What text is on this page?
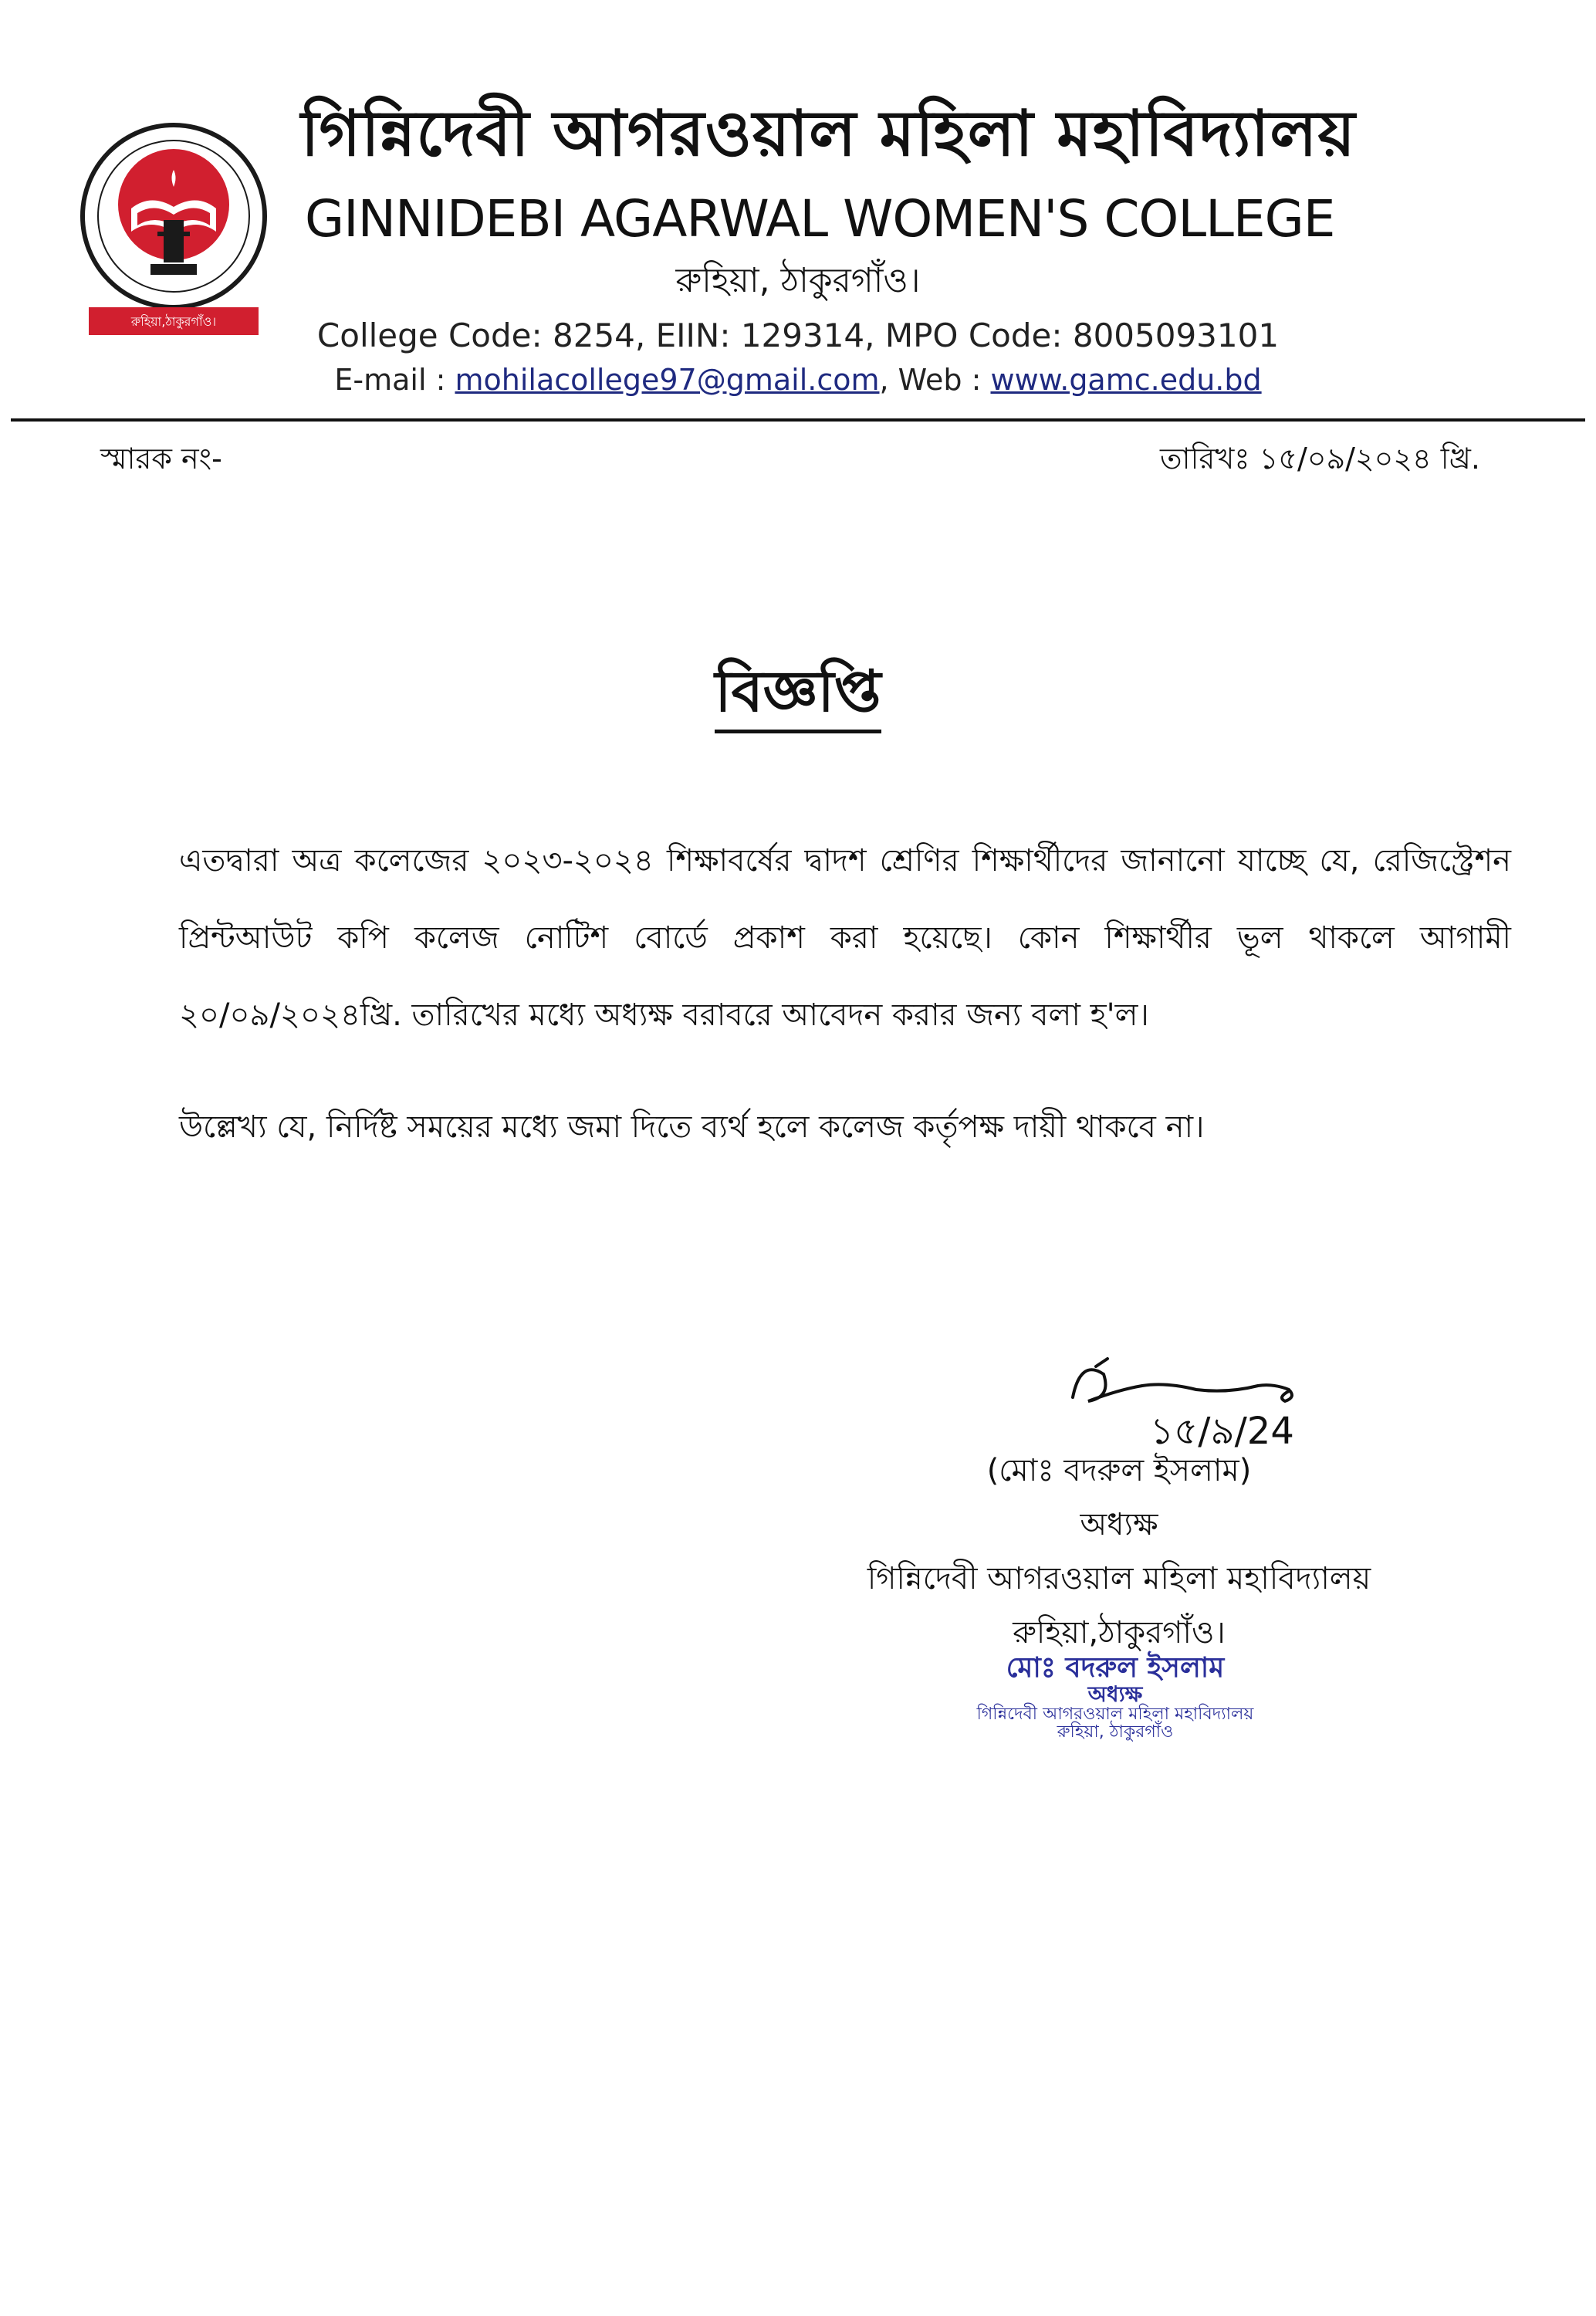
রুহিয়া,ঠাকুরগাঁও।
গিন্নিদেবী আগরওয়াল মহিলা মহাবিদ্যালয়
GINNIDEBI AGARWAL WOMEN'S COLLEGE
রুহিয়া, ঠাকুরগাঁও।
College Code: 8254, EIIN: 129314, MPO Code: 8005093101
E-mail : mohilacollege97@gmail.com, Web : www.gamc.edu.bd
স্মারক নং-	তারিখঃ ১৫/০৯/২০২৪ খ্রি.
বিজ্ঞপ্তি
এতদ্বারা অত্র কলেজের ২০২৩-২০২৪ শিক্ষাবর্ষের দ্বাদশ শ্রেণির শিক্ষার্থীদের জানানো যাচ্ছে যে, রেজিস্ট্রেশন প্রিন্টআউট কপি কলেজ নোটিশ বোর্ডে প্রকাশ করা হয়েছে। কোন শিক্ষার্থীর ভূল থাকলে আগামী ২০/০৯/২০২৪খ্রি. তারিখের মধ্যে অধ্যক্ষ বরাবরে আবেদন করার জন্য বলা হ'ল।
উল্লেখ্য যে, নির্দিষ্ট সময়ের মধ্যে জমা দিতে ব্যর্থ হলে কলেজ কর্তৃপক্ষ দায়ী থাকবে না।
১৫/৯/24
(মোঃ বদরুল ইসলাম)
অধ্যক্ষ
গিন্নিদেবী আগরওয়াল মহিলা মহাবিদ্যালয়
রুহিয়া,ঠাকুরগাঁও।
মোঃ বদরুল ইসলাম
অধ্যক্ষ
গিন্নিদেবী আগরওয়াল মহিলা মহাবিদ্যালয়
রুহিয়া, ঠাকুরগাঁও
